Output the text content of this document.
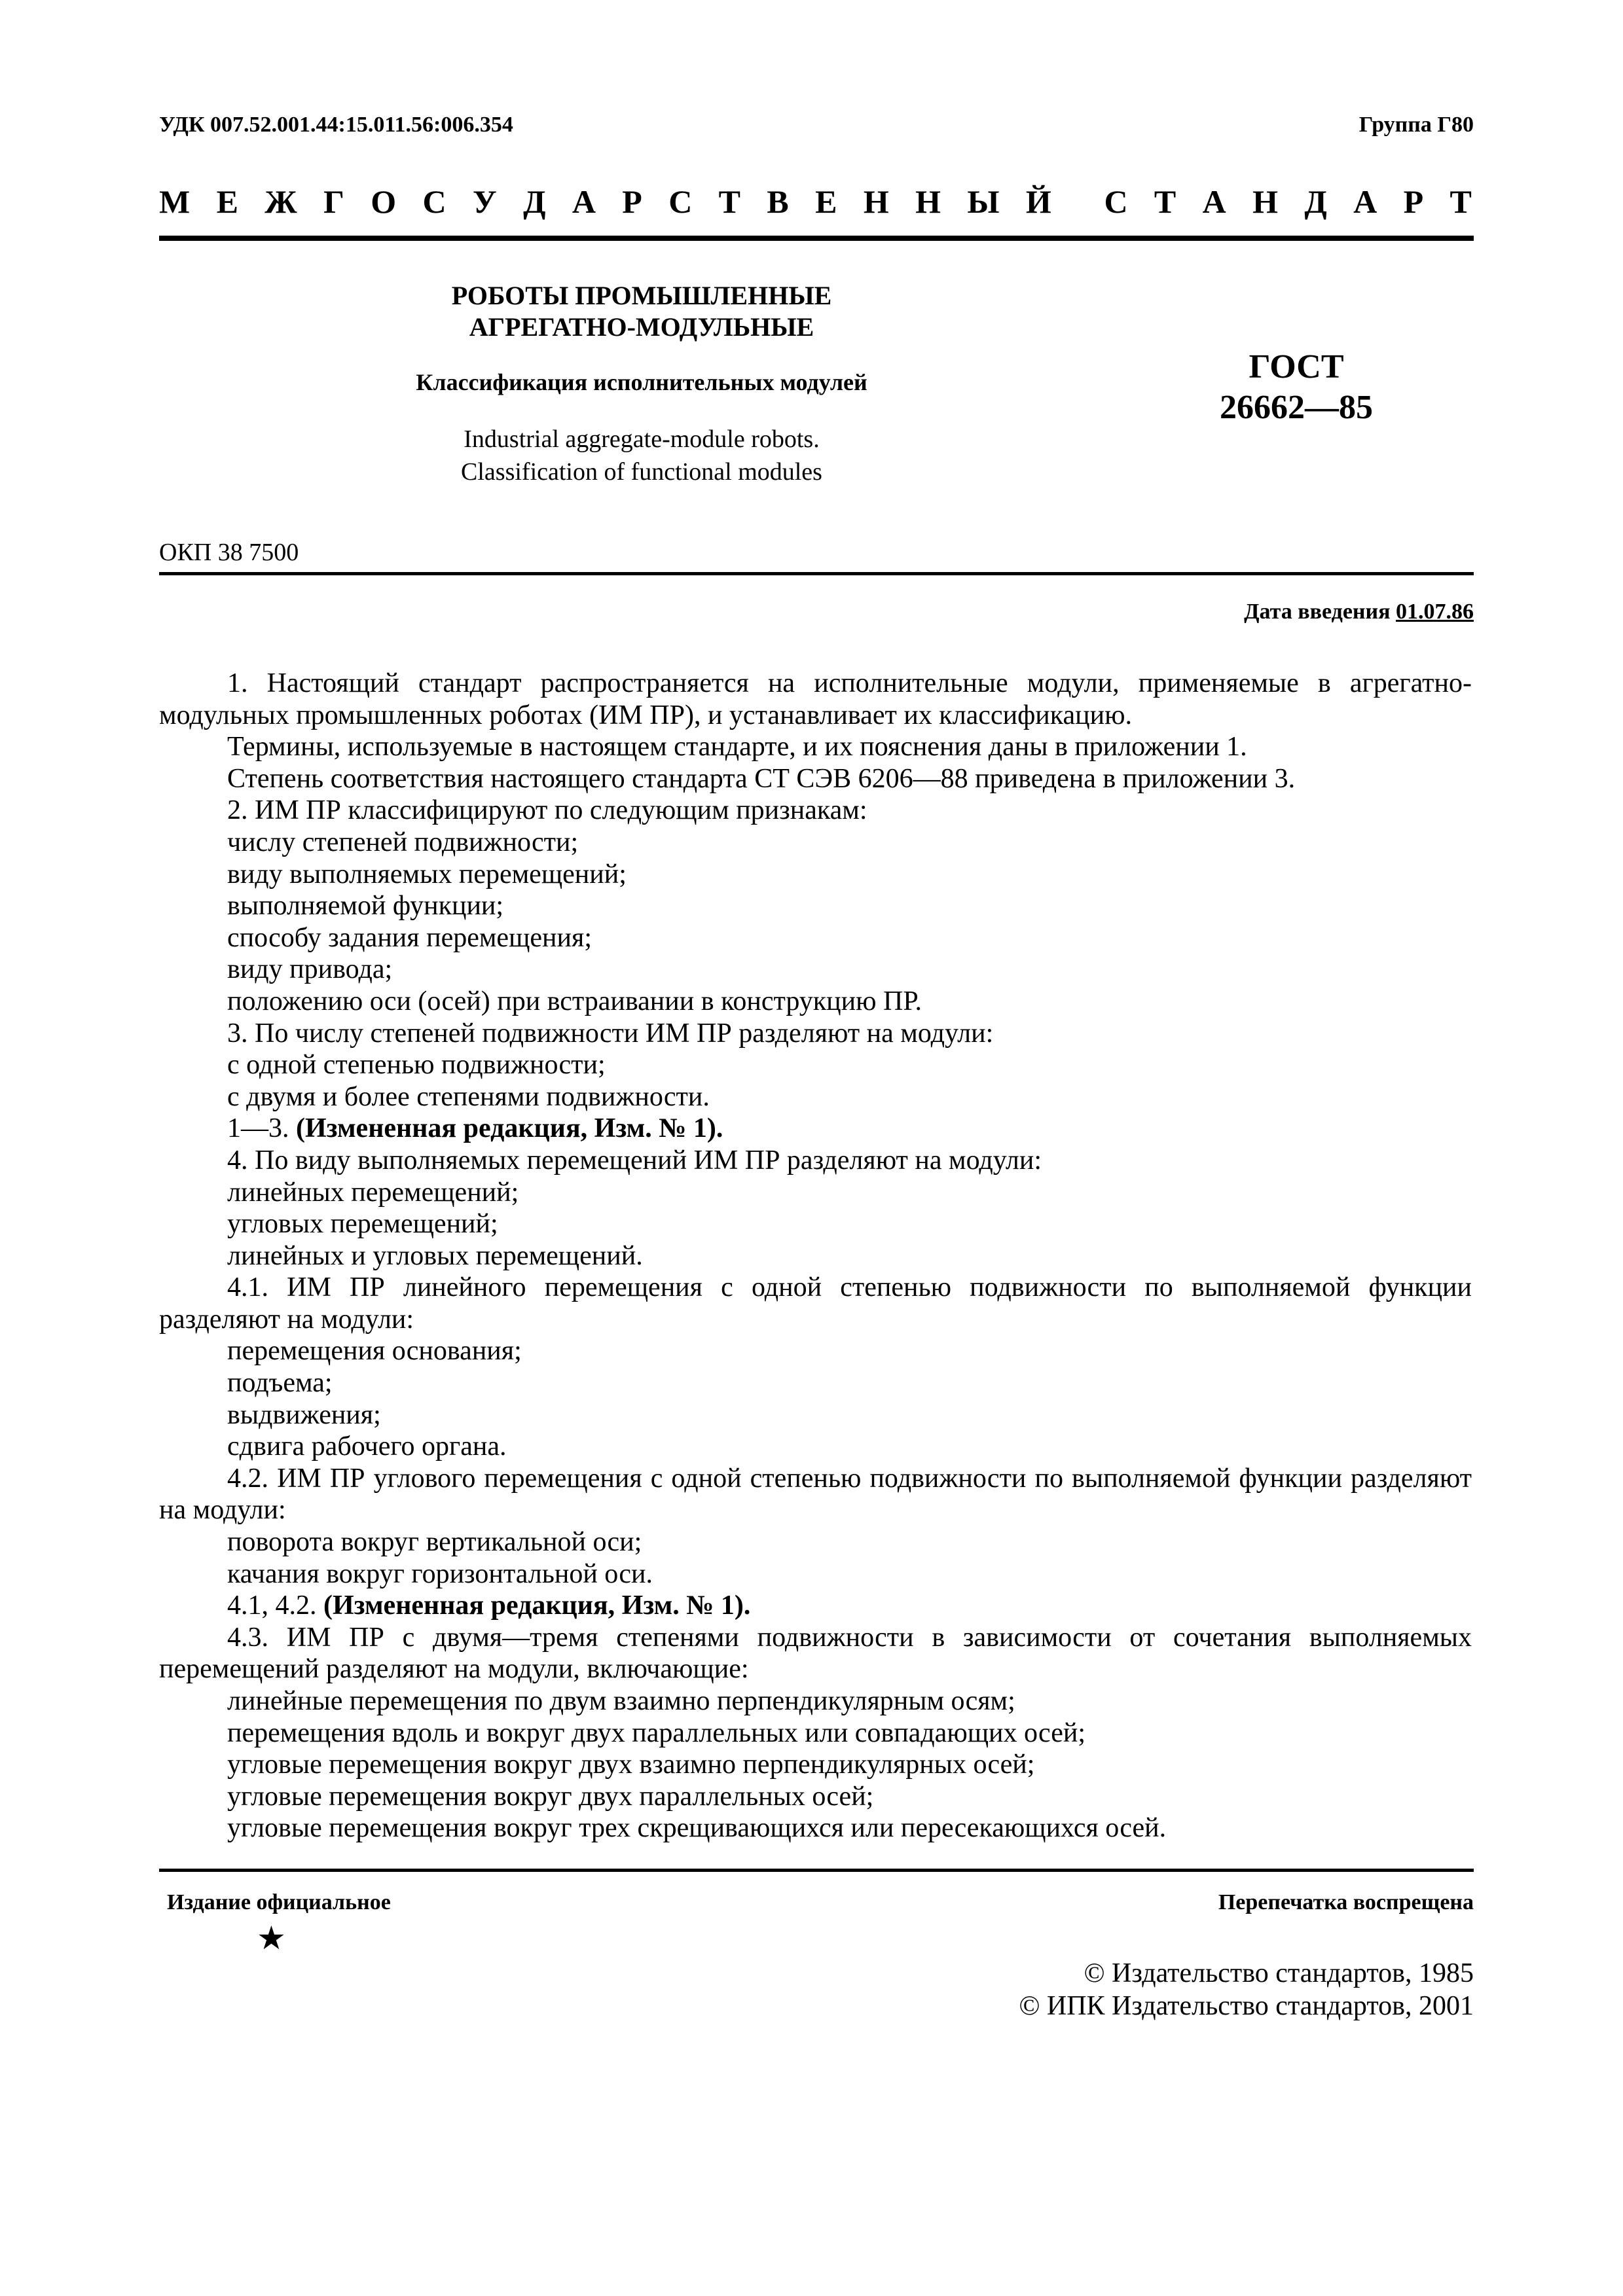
УДК 007.52.001.44:15.011.56:006.354	Группа Г80
М Е Ж Г О С У Д А Р С Т В Е Н Н Ы Й С Т А Н Д А Р Т
РОБОТЫ ПРОМЫШЛЕННЫЕ
АГРЕГАТНО-МОДУЛЬНЫЕ
Классификация исполнительных модулей
Industrial aggregate-module robots.
Classification of functional modules
ГОСТ
26662—85
ОКП 38 7500
Дата введения 01.07.86

1. Настоящий стандарт распространяется на исполнительные модули, применяемые в агрегатно-модульных промышленных роботах (ИМ ПР), и устанавливает их классификацию.

Термины, используемые в настоящем стандарте, и их пояснения даны в приложении 1.

Степень соответствия настоящего стандарта СТ СЭВ 6206—88 приведена в приложении 3.

2. ИМ ПР классифицируют по следующим признакам:

числу степеней подвижности;

виду выполняемых перемещений;

выполняемой функции;

способу задания перемещения;

виду привода;

положению оси (осей) при встраивании в конструкцию ПР.

3. По числу степеней подвижности ИМ ПР разделяют на модули:

с одной степенью подвижности;

с двумя и более степенями подвижности.

1—3. (Измененная редакция, Изм. № 1).

4. По виду выполняемых перемещений ИМ ПР разделяют на модули:

линейных перемещений;

угловых перемещений;

линейных и угловых перемещений.

4.1. ИМ ПР линейного перемещения с одной степенью подвижности по выполняемой функции разделяют на модули:

перемещения основания;

подъема;

выдвижения;

сдвига рабочего органа.

4.2. ИМ ПР углового перемещения с одной степенью подвижности по выполняемой функции разделяют на модули:

поворота вокруг вертикальной оси;

качания вокруг горизонтальной оси.

4.1, 4.2. (Измененная редакция, Изм. № 1).

4.3. ИМ ПР с двумя—тремя степенями подвижности в зависимости от сочетания выполняемых перемещений разделяют на модули, включающие:

линейные перемещения по двум взаимно перпендикулярным осям;

перемещения вдоль и вокруг двух параллельных или совпадающих осей;

угловые перемещения вокруг двух взаимно перпендикулярных осей;

угловые перемещения вокруг двух параллельных осей;

угловые перемещения вокруг трех скрещивающихся или пересекающихся осей.

Издание официальное	Перепечатка воспрещена
★
© Издательство стандартов, 1985
© ИПК Издательство стандартов, 2001
